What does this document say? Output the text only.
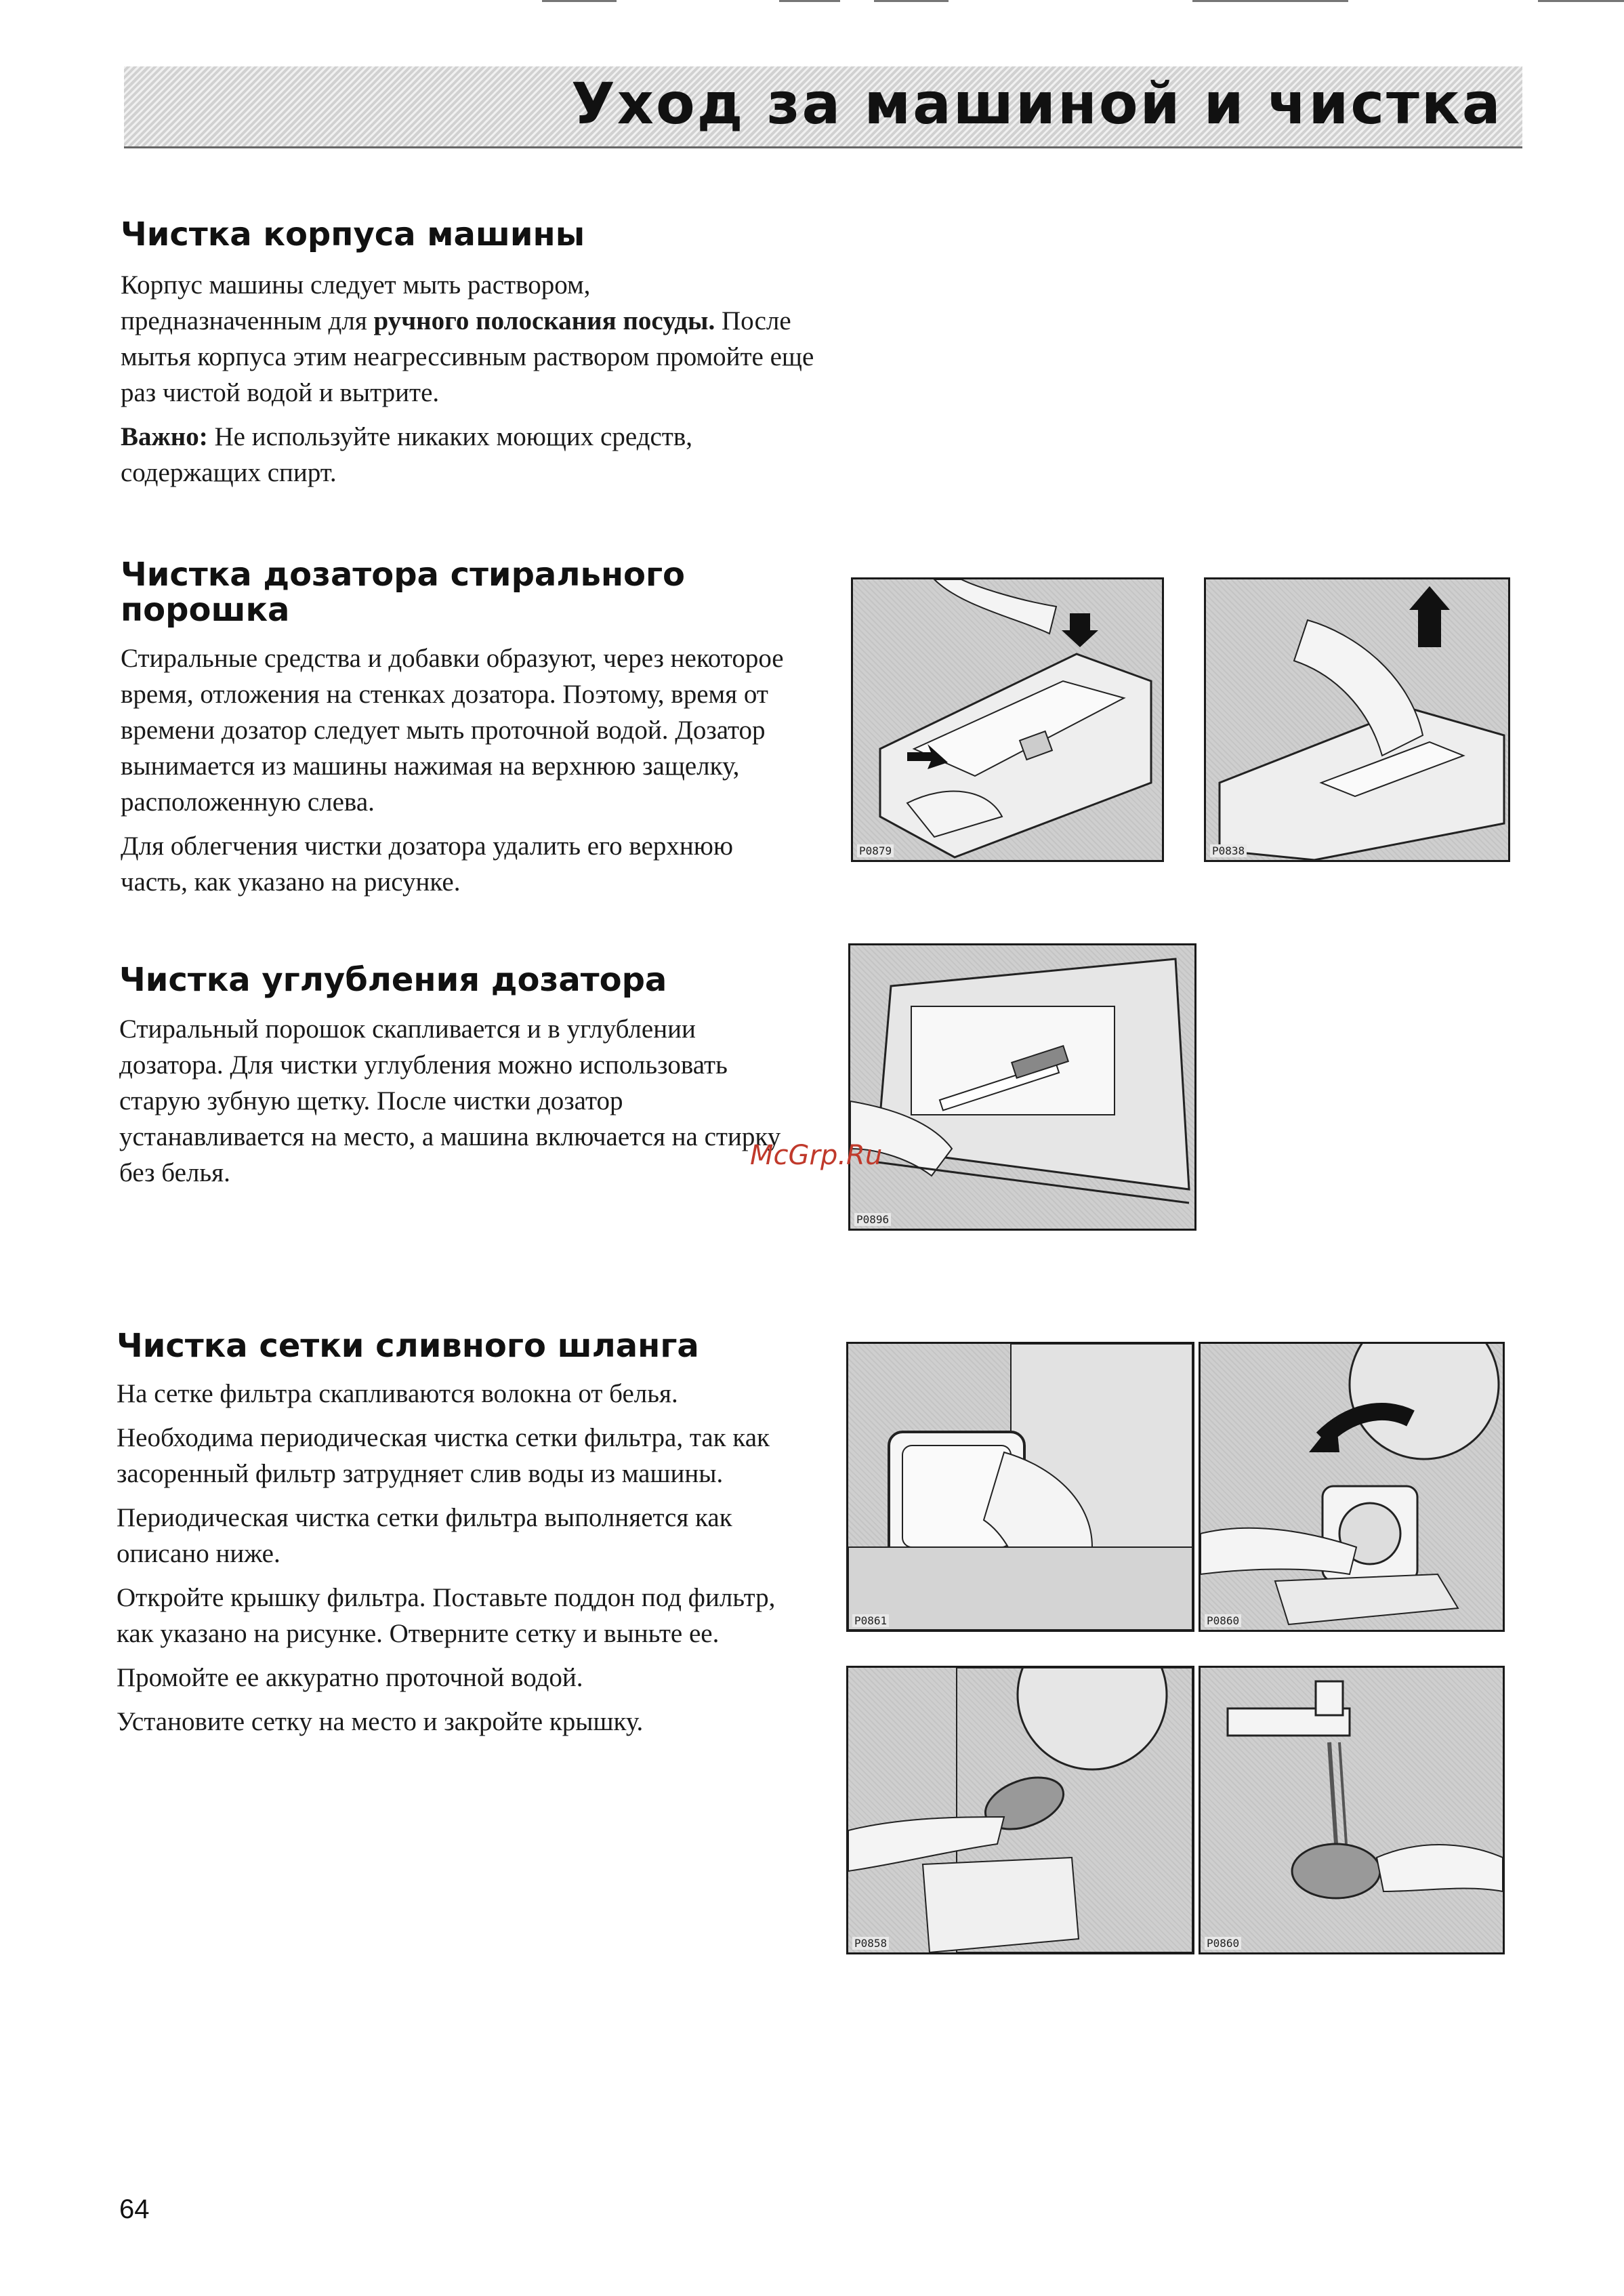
Уход за машиной и чистка
Чистка корпуса машины

Корпус машины следует мыть раствором,
предназначенным для ручного полоскания посуды. После мытья корпуса этим неагрессивным раствором промойте еще раз чистой водой и вытрите.

Важно: Не используйте никаких моющих средств, содержащих спирт.

Чистка дозатора стирального порошка

Стиральные средства и добавки образуют, через некоторое время, отложения на стенках дозатора. Поэтому, время от времени дозатор следует мыть проточной водой. Дозатор вынимается из машины нажимая на верхнюю защелку, расположенную слева.

Для облегчения чистки дозатора удалить его верхнюю часть, как указано на рисунке.

Чистка углубления дозатора

Стиральный порошок скапливается и в углублении дозатора. Для чистки углубления можно использовать старую зубную щетку. После чистки дозатор устанавливается на место, а машина включается на стирку без белья.

Чистка сетки сливного шланга

На сетке фильтра скапливаются волокна от белья.

Необходима периодическая чистка сетки фильтра, так как засоренный фильтр затрудняет слив воды из машины.

Периодическая чистка сетки фильтра выполняется как описано ниже.

Откройте крышку фильтра. Поставьте поддон под фильтр, как указано на рисунке. Отверните сетку и выньте ее.

Промойте ее аккуратно проточной водой.

Установите сетку на место и закройте крышку.

P0879	P0838
P0896
P0861	P0860
P0858	P0860
McGrp.Ru
64
